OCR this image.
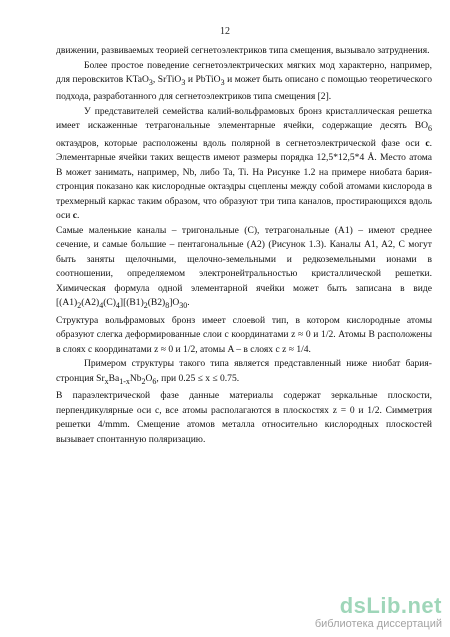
12

движении, развиваемых теорией сегнетоэлектриков типа смещения, вызывало затруднения.

Более простое поведение сегнетоэлектрических мягких мод характерно, например, для перовскитов KTaO$_3$, SrTiO$_3$ и PbTiO$_3$ и может быть описано с помощью теоретического подхода, разработанного для сегнетоэлектриков типа смещения [2].

У представителей семейства калий-вольфрамовых бронз кристаллическая решетка имеет искаженные тетрагональные элементарные ячейки, содержащие десять $BO_6$ октаэдров, которые расположены вдоль полярной в сегнетоэлектрической фазе оси c. Элементарные ячейки таких веществ имеют размеры порядка 12,5*12,5*4 Å. Место атома B может занимать, например, Nb, либо Ta, Ti. На Рисунке 1.2 на примере ниобата бария-стронция показано как кислородные октаэдры сцеплены между собой атомами кислорода в трехмерный каркас таким образом, что образуют три типа каналов, простирающихся вдоль оси c.

Самые маленькие каналы – тригональные (C), тетрагональные (A1) – имеют среднее сечение, и самые большие – пентагональные (A2) (Рисунок 1.3). Каналы A1, A2, C могут быть заняты щелочными, щелочно-земельными и редкоземельными ионами в соотношении, определяемом электронейтральностью кристаллической решетки. Химическая формула одной элементарной ячейки может быть записана в виде $[(A1)_2(A2)_4(C)_4][(B1)_2(B2)_8]O_{30}$.

Структура вольфрамовых бронз имеет слоевой тип, в котором кислородные атомы образуют слегка деформированные слои с координатами z ≈ 0 и 1/2. Атомы B расположены в слоях с координатами z ≈ 0 и 1/2, атомы A – в слоях с z ≈ 1/4.

Примером структуры такого типа является представленный ниже ниобат бария-стронция $Sr_xBa_{1-x}Nb_2O_6$, при 0.25 ≤ x ≤ 0.75.

В параэлектрической фазе данные материалы содержат зеркальные плоскости, перпендикулярные оси c, все атомы располагаются в плоскостях z = 0 и 1/2. Симметрия решетки 4/mmm. Смещение атомов металла относительно кислородных плоскостей вызывает спонтанную поляризацию.

dsLib.net
библиотека диссертаций
